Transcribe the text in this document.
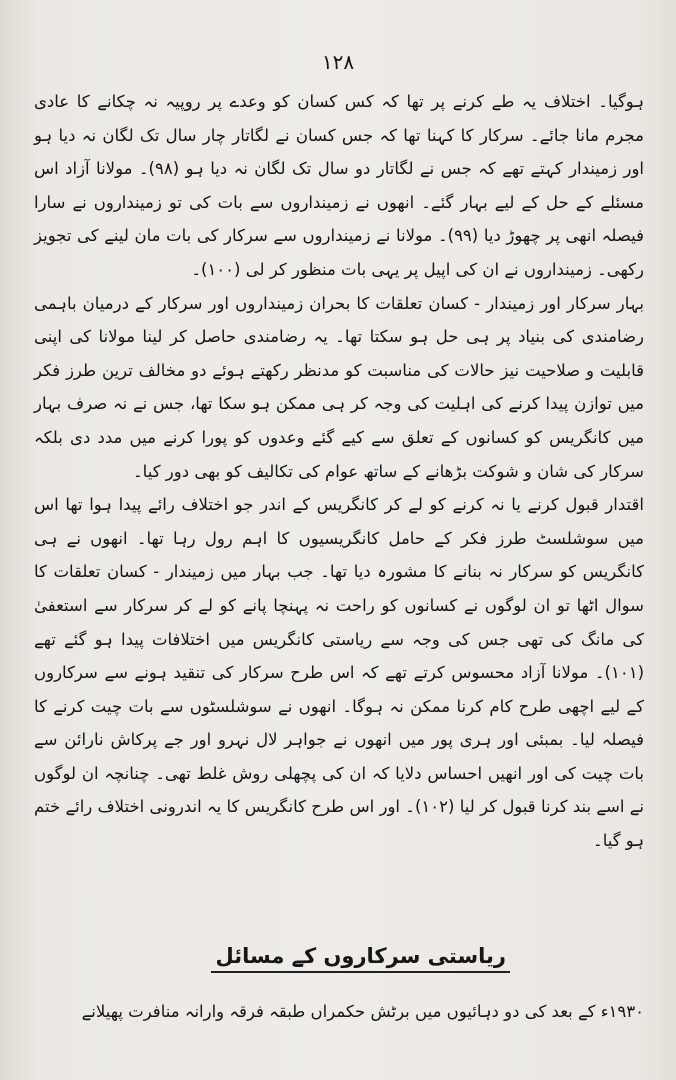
۱۲۸

ہوگیا۔ اختلاف یہ طے کرنے پر تھا کہ کس کسان کو وعدے پر روپیہ نہ چکانے کا عادی مجرم مانا جائے۔ سرکار کا کہنا تھا کہ جس کسان نے لگاتار چار سال تک لگان نہ دیا ہو اور زمیندار کہتے تھے کہ جس نے لگاتار دو سال تک لگان نہ دیا ہو (۹۸)۔ مولانا آزاد اس مسئلے کے حل کے لیے بہار گئے۔ انھوں نے زمینداروں سے بات کی تو زمینداروں نے سارا فیصلہ انھی پر چھوڑ دیا (۹۹)۔ مولانا نے زمینداروں سے سرکار کی بات مان لینے کی تجویز رکھی۔ زمینداروں نے ان کی اپیل پر یہی بات منظور کر لی (۱۰۰)۔

بہار سرکار اور زمیندار - کسان تعلقات کا بحران زمینداروں اور سرکار کے درمیان باہمی رضامندی کی بنیاد پر ہی حل ہو سکتا تھا۔ یہ رضامندی حاصل کر لینا مولانا کی اپنی قابلیت و صلاحیت نیز حالات کی مناسبت کو مدنظر رکھتے ہوئے دو مخالف ترین طرز فکر میں توازن پیدا کرنے کی اہلیت کی وجہ کر ہی ممکن ہو سکا تھا، جس نے نہ صرف بہار میں کانگریس کو کسانوں کے تعلق سے کیے گئے وعدوں کو پورا کرنے میں مدد دی بلکہ سرکار کی شان و شوکت بڑھانے کے ساتھ عوام کی تکالیف کو بھی دور کیا۔

اقتدار قبول کرنے یا نہ کرنے کو لے کر کانگریس کے اندر جو اختلاف رائے پیدا ہوا تھا اس میں سوشلسٹ طرز فکر کے حامل کانگریسیوں کا اہم رول رہا تھا۔ انھوں نے ہی کانگریس کو سرکار نہ بنانے کا مشورہ دیا تھا۔ جب بہار میں زمیندار - کسان تعلقات کا سوال اٹھا تو ان لوگوں نے کسانوں کو راحت نہ پہنچا پانے کو لے کر سرکار سے استعفیٰ کی مانگ کی تھی جس کی وجہ سے ریاستی کانگریس میں اختلافات پیدا ہو گئے تھے (۱۰۱)۔ مولانا آزاد محسوس کرتے تھے کہ اس طرح سرکار کی تنقید ہونے سے سرکاروں کے لیے اچھی طرح کام کرنا ممکن نہ ہوگا۔ انھوں نے سوشلسٹوں سے بات چیت کرنے کا فیصلہ لیا۔ بمبئی اور ہری پور میں انھوں نے جواہر لال نہرو اور جے پرکاش نارائن سے بات چیت کی اور انھیں احساس دلایا کہ ان کی پچھلی روش غلط تھی۔ چنانچہ ان لوگوں نے اسے بند کرنا قبول کر لیا (۱۰۲)۔ اور اس طرح کانگریس کا یہ اندرونی اختلاف رائے ختم ہو گیا۔

ریاستی سرکاروں کے مسائل
۱۹۳۰ء کے بعد کی دو دہائیوں میں برٹش حکمراں طبقہ فرقہ وارانہ منافرت پھیلانے
